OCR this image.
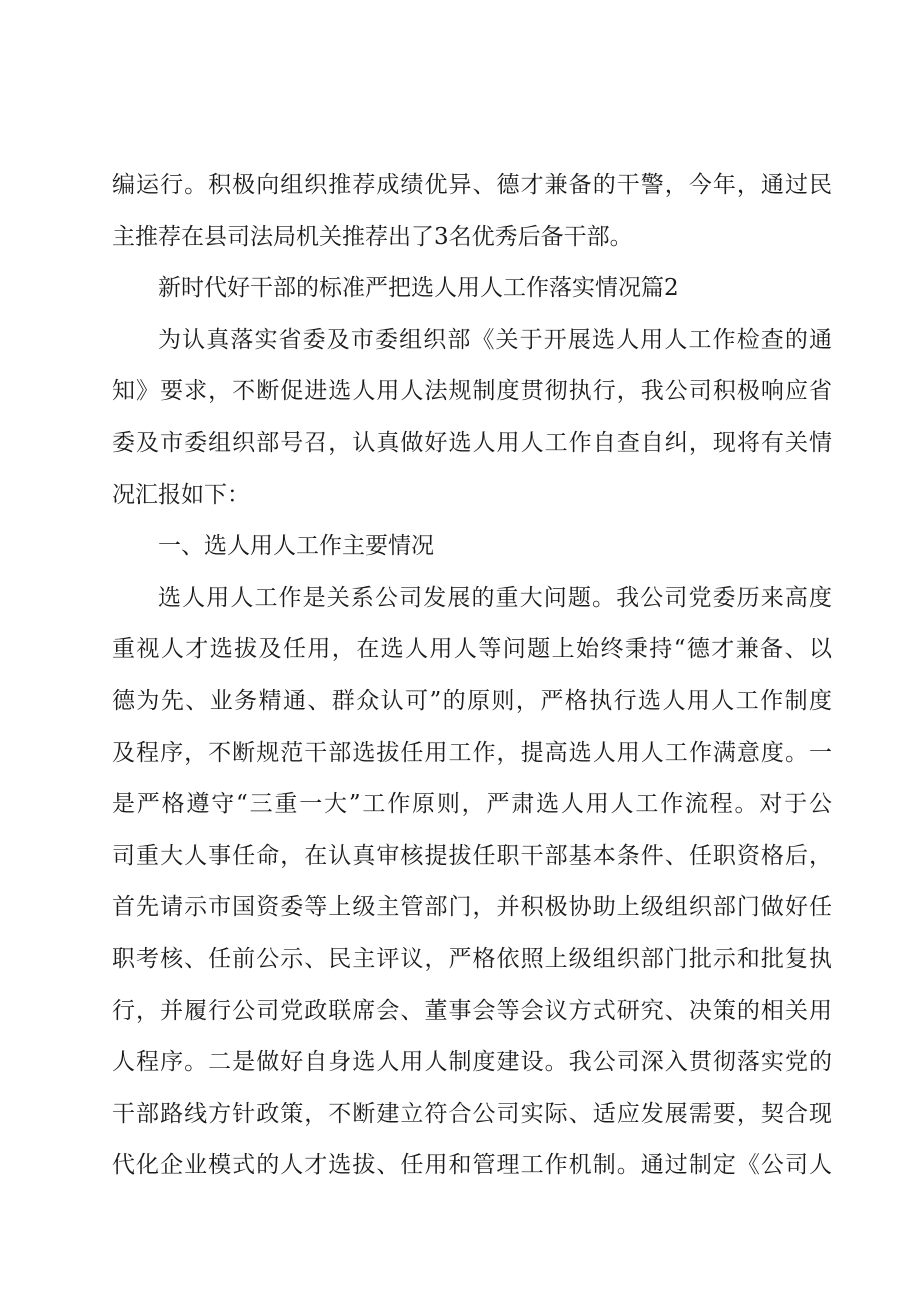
编运行。积极向组织推荐成绩优异、德才兼备的干警，今年，通过民
主推荐在县司法局机关推荐出了3名优秀后备干部。
新时代好干部的标准严把选人用人工作落实情况篇2
为认真落实省委及市委组织部《关于开展选人用人工作检查的通
知》要求，不断促进选人用人法规制度贯彻执行，我公司积极响应省
委及市委组织部号召，认真做好选人用人工作自查自纠，现将有关情
况汇报如下：
一、选人用人工作主要情况
选人用人工作是关系公司发展的重大问题。我公司党委历来高度
重视人才选拔及任用，在选人用人等问题上始终秉持“德才兼备、以
德为先、业务精通、群众认可”的原则，严格执行选人用人工作制度
及程序，不断规范干部选拔任用工作，提高选人用人工作满意度。一
是严格遵守“三重一大”工作原则，严肃选人用人工作流程。对于公
司重大人事任命，在认真审核提拔任职干部基本条件、任职资格后，
首先请示市国资委等上级主管部门，并积极协助上级组织部门做好任
职考核、任前公示、民主评议，严格依照上级组织部门批示和批复执
行，并履行公司党政联席会、董事会等会议方式研究、决策的相关用
人程序。二是做好自身选人用人制度建设。我公司深入贯彻落实党的
干部路线方针政策，不断建立符合公司实际、适应发展需要，契合现
代化企业模式的人才选拔、任用和管理工作机制。通过制定《公司人
